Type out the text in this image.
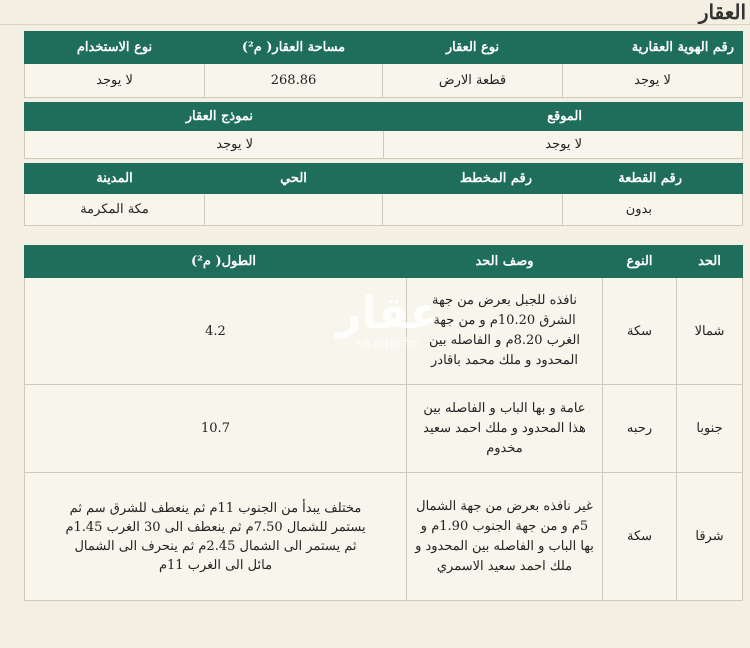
العقار
رقم الهوية العقارية	نوع العقار	مساحة العقار( م²)	نوع الاستخدام
لا يوجد	قطعة الارض	268.86	لا يوجد
الموقع	نموذج العقار
لا يوجد	لا يوجد
رقم القطعة	رقم المخطط	الحي	المدينة
بدون			مكة المكرمة
الحد	النوع	وصف الحد	الطول( م²)
شمالا	سكة	نافذه للجبل بعرض من جهة الشرق 10.20م و من جهة الغرب 8.20م و الفاصله بين المحدود و ملك محمد باقادر	4.2
جنوبا	رحبه	عامة و بها الباب و الفاصله بين هذا المحدود و ملك احمد سعيد مخدوم	10.7
شرقا	سكة	غير نافذه بعرض من جهة الشمال 5م و من جهة الجنوب 1.90م و بها الباب و الفاصله بين المحدود و ملك احمد سعيد الاسمري	مختلف يبدأ من الجنوب 11م ثم ينعطف للشرق سم ثم يستمر للشمال 7.50م ثم ينعطف الى 30 الغرب 1.45م ثم يستمر الى الشمال 2.45م ثم ينحرف الى الشمال مائل الى الغرب 11م
عقار
sa.aqar.fm
